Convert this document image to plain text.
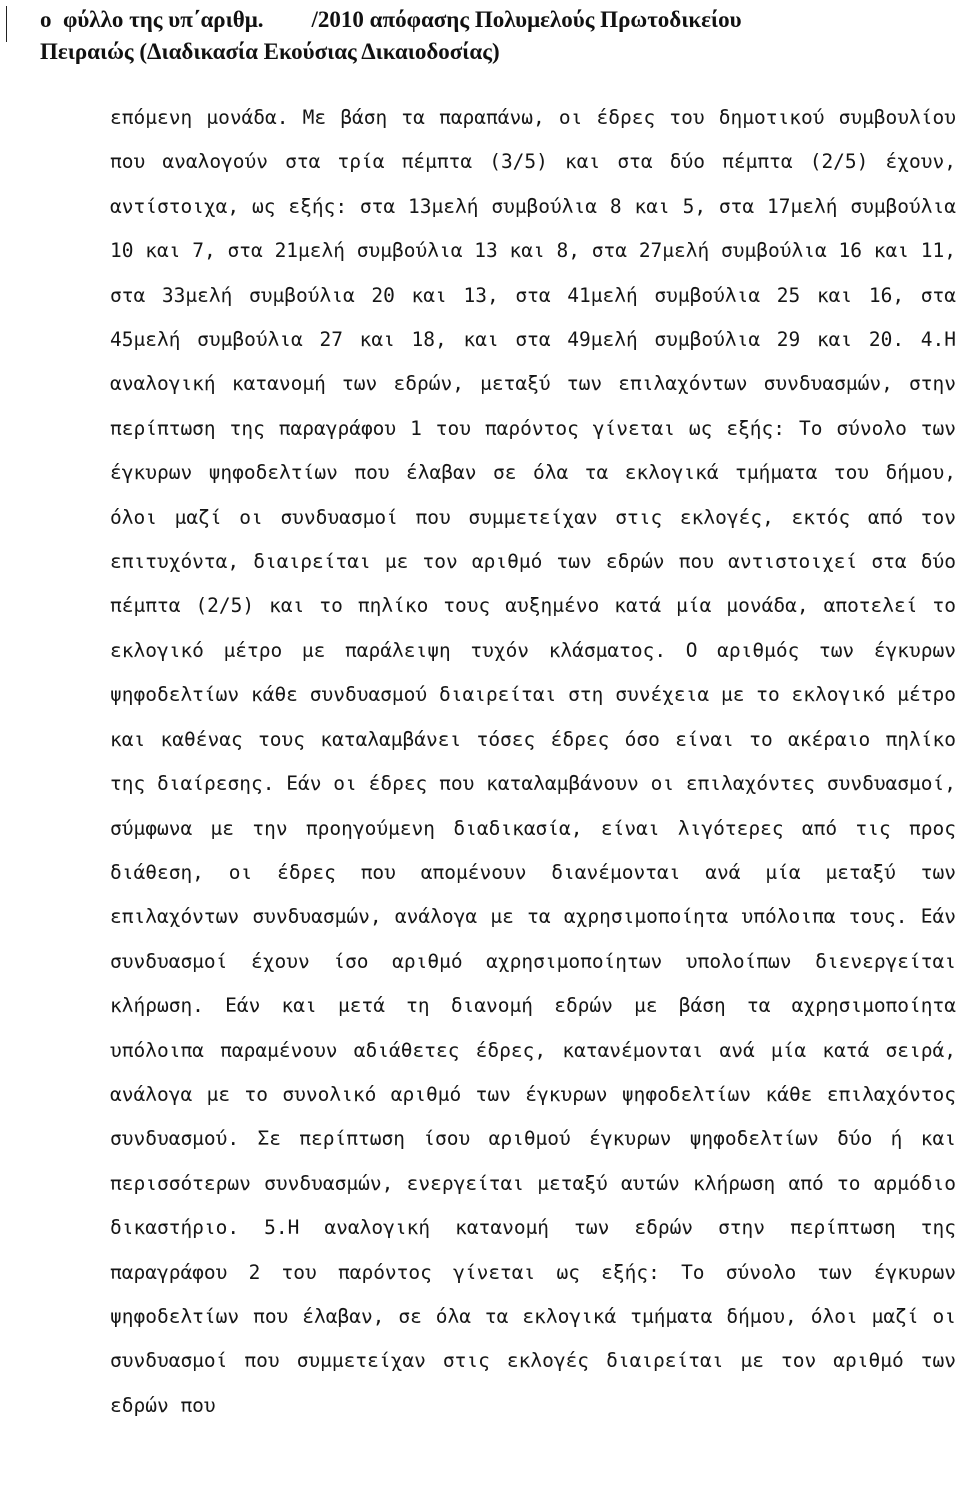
ο φύλλο της υπ΄αριθμ. /2010 απόφασης Πολυμελούς Πρωτοδικείου
Πειραιώς (Διαδικασία Εκούσιας Δικαιοδοσίας)

επόμενη μονάδα. Με βάση τα παραπάνω, οι έδρες του δημοτικού συμβουλίου που αναλογούν στα τρία πέμπτα (3/5) και στα δύο πέμπτα (2/5) έχουν, αντίστοιχα, ως εξής: στα 13μελή συμβούλια 8 και 5, στα 17μελή συμβούλια 10 και 7, στα 21μελή συμβούλια 13 και 8, στα 27μελή συμβούλια 16 και 11, στα 33μελή συμβούλια 20 και 13, στα 41μελή συμβούλια 25 και 16, στα 45μελή συμβούλια 27 και 18, και στα 49μελή συμβούλια 29 και 20. 4.Η αναλογική κατανομή των εδρών, μεταξύ των επιλαχόντων συνδυασμών, στην περίπτωση της παραγράφου 1 του παρόντος γίνεται ως εξής: Το σύνολο των έγκυρων ψηφοδελτίων που έλαβαν σε όλα τα εκλογικά τμήματα του δήμου, όλοι μαζί οι συνδυασμοί που συμμετείχαν στις εκλογές, εκτός από τον επιτυχόντα, διαιρείται με τον αριθμό των εδρών που αντιστοιχεί στα δύο πέμπτα (2/5) και το πηλίκο τους αυξημένο κατά μία μονάδα, αποτελεί το εκλογικό μέτρο με παράλειψη τυχόν κλάσματος. Ο αριθμός των έγκυρων ψηφοδελτίων κάθε συνδυασμού διαιρείται στη συνέχεια με το εκλογικό μέτρο και καθένας τους καταλαμβάνει τόσες έδρες όσο είναι το ακέραιο πηλίκο της διαίρεσης. Εάν οι έδρες που καταλαμβάνουν οι επιλαχόντες συνδυασμοί, σύμφωνα με την προηγούμενη διαδικασία, είναι λιγότερες από τις προς διάθεση, οι έδρες που απομένουν διανέμονται ανά μία μεταξύ των επιλαχόντων συνδυασμών, ανάλογα με τα αχρησιμοποίητα υπόλοιπα τους. Εάν συνδυασμοί έχουν ίσο αριθμό αχρησιμοποίητων υπολοίπων διενεργείται κλήρωση. Εάν και μετά τη διανομή εδρών με βάση τα αχρησιμοποίητα υπόλοιπα παραμένουν αδιάθετες έδρες, κατανέμονται ανά μία κατά σειρά, ανάλογα με το συνολικό αριθμό των έγκυρων ψηφοδελτίων κάθε επιλαχόντος συνδυασμού. Σε περίπτωση ίσου αριθμού έγκυρων ψηφοδελτίων δύο ή και περισσότερων συνδυασμών, ενεργείται μεταξύ αυτών κλήρωση από το αρμόδιο δικαστήριο. 5.Η αναλογική κατανομή των εδρών στην περίπτωση της παραγράφου 2 του παρόντος γίνεται ως εξής: Το σύνολο των έγκυρων ψηφοδελτίων που έλαβαν, σε όλα τα εκλογικά τμήματα δήμου, όλοι μαζί οι συνδυασμοί που συμμετείχαν στις εκλογές διαιρείται με τον αριθμό των εδρών που
